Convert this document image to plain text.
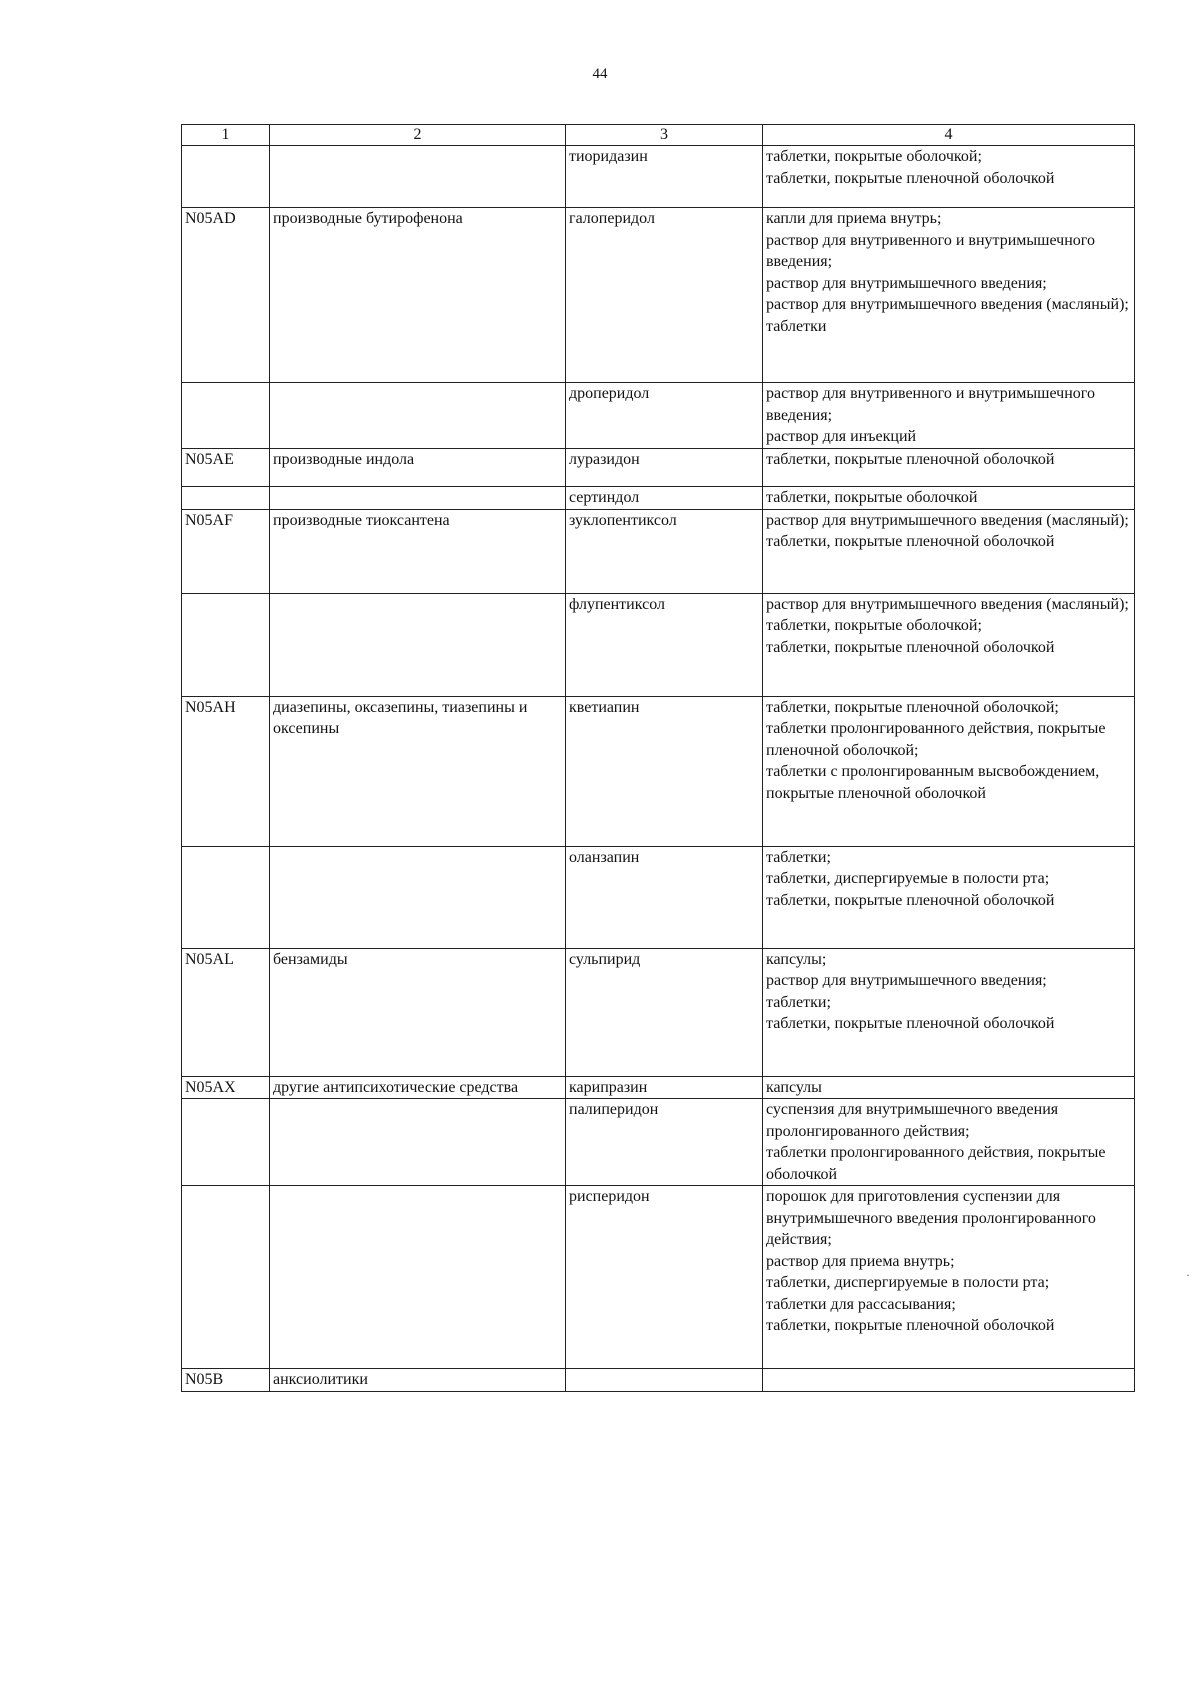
44
1	2	3	4
		тиоридазин	таблетки, покрытые оболочкой;
таблетки, покрытые пленочной оболочкой
N05AD	производные бутирофенона	галоперидол	капли для приема внутрь;
раствор для внутривенного и внутримышечного введения;
раствор для внутримышечного введения;
раствор для внутримышечного введения (масляный);
таблетки
		дроперидол	раствор для внутривенного и внутримышечного введения;
раствор для инъекций
N05AE	производные индола	луразидон	таблетки, покрытые пленочной оболочкой
		сертиндол	таблетки, покрытые оболочкой
N05AF	производные тиоксантена	зуклопентиксол	раствор для внутримышечного введения (масляный);
таблетки, покрытые пленочной оболочкой
		флупентиксол	раствор для внутримышечного введения (масляный);
таблетки, покрытые оболочкой;
таблетки, покрытые пленочной оболочкой
N05AH	диазепины, оксазепины, тиазепины и оксепины	кветиапин	таблетки, покрытые пленочной оболочкой;
таблетки пролонгированного действия, покрытые пленочной оболочкой;
таблетки с пролонгированным высвобождением, покрытые пленочной оболочкой
		оланзапин	таблетки;
таблетки, диспергируемые в полости рта;
таблетки, покрытые пленочной оболочкой
N05AL	бензамиды	сульпирид	капсулы;
раствор для внутримышечного введения;
таблетки;
таблетки, покрытые пленочной оболочкой
N05AX	другие антипсихотические средства	карипразин	капсулы
		палиперидон	суспензия для внутримышечного введения пролонгированного действия;
таблетки пролонгированного действия, покрытые оболочкой
		рисперидон	порошок для приготовления суспензии для внутримышечного введения пролонгированного действия;
раствор для приема внутрь;
таблетки, диспергируемые в полости рта;
таблетки для рассасывания;
таблетки, покрытые пленочной оболочкой
N05B	анксиолитики		
·
